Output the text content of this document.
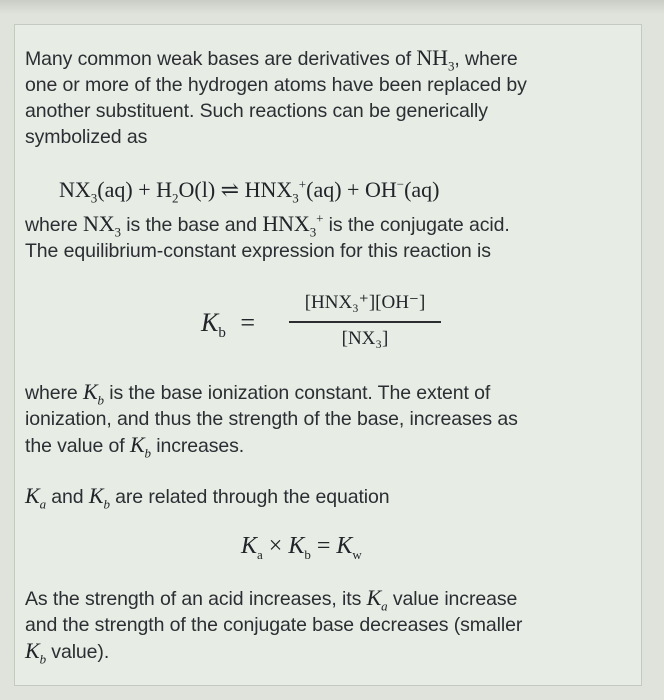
Many common weak bases are derivatives of $NH_3$, where
one or more of the hydrogen atoms have been replaced by
another substituent. Such reactions can be generically
symbolized as
$NX_3(aq) + H_2O(l)$ ⇌ $HNX_3^+(aq) + OH^-(aq)$
where $NX_3$ is the base and $HNX_3^+$ is the conjugate acid.
The equilibrium-constant expression for this reaction is
$K_b$ =
[HNX₃⁺][OH⁻]
[NX₃]
where $K_b$ is the base ionization constant. The extent of
ionization, and thus the strength of the base, increases as
the value of $K_b$ increases.
$K_a$ and $K_b$ are related through the equation
$K_a \times K_b = K_w$
As the strength of an acid increases, its $K_a$ value increase
and the strength of the conjugate base decreases (smaller
$K_b$ value).
